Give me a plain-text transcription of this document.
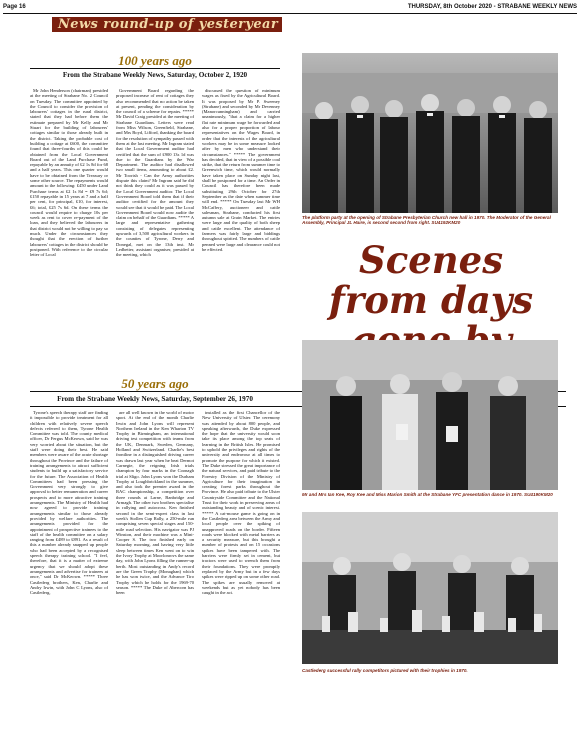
Page 16	THURSDAY, 8th October 2020 - STRABANE WEEKLY NEWS
News round-up of yesteryear
100 years ago
From the Strabane Weekly News, Saturday, October 2, 1920

Mr John Henderson (chairman) presided at the meeting of Strabane No. 2 Council on Tuesday. The committee appointed by the Council to consider the provision of labourers' cottages in the rural district, stated that they had before them the estimate prepared by Mr Kelly and Mr Stuart for the building of labourers' cottages similar to those already built in the district. Taking the probable cost of building a cottage at £600, the committee found that three-fourths of this could be obtained from the Local Government Board out of the Land Purchase Fund, repayable by an annuity of £2 1s 8d for 68 and a half years. This one quarter would have to be obtained from the Treasury or some other source. The repayments would amount to the following: £450 under Land Purchase terms at £2 1s 8d = £9 7s 6d; £150 repayable in 15 years at 7 and a half per cent, for principal, £10, for interest, £6; total, £25 7s 6d. On these terms the council would require to charge 10s per week as rent to cover re-payment of the loan, and they believed the labourers in that district would not be willing to pay so much. Under the circumstances they thought that the erection of further labourers' cottages in the district should be postponed. With reference to the circular letter of Local

Government Board regarding the proposed increase of rent of cottages they also recommended that no action be taken at present, pending the consideration by the council of a scheme for repairs. ***** Mr David Craig presided at the meeting of Strabane Guardians. Letters were read from Miss Wilson, Greenfield, Strabane, and Mrs Boyd, Lifford, thanking the board for the resolution of sympathy passed with them at the last meeting. Mr Ingram stated that the Local Government auditor had certified that the sum of £900 13s 1d was due to the Guardians by the War Department. The auditor had disallowed two small items, amounting to about £2. Mr Toorish - Can the Army authorities dispute this claim? Mr Ingram said he did not think they could as it was passed by the Local Government auditor. The Local Government Board told them that if their auditor certified for the amount they would see that it would be paid. The Local Government Board would now audite the claim on behalf of the Guardians. ***** A large and representative gathering consisting of delegates representing upwards of 3,500 agricultural workers in the counties of Tyrone, Derry and Donegal, met on the 13th inst. Mr Ledbetter, assistant organiser, presided at the meeting, which

discussed the question of minimum wages as fixed by the Agricultural Board. It was proposed by Mr P. Sweeney (Strabane) and seconded by Mr Devenney (Manorcunningham) and carried unanimously, "that a claim for a higher flat rate minimum wage be forwarded and also for a proper proportion of labour representatives on the Wages Board, in order that the interests of the agricultural workers may be in some measure looked after by men who understand their circumstances." ***** The government has decided, that in view of a possible coal strike, that the return from summer time to Greenwich time, which would normally have taken place on Sunday night last, shall be postponed for a time. An Order in Council has therefore been made substituting 29th October for 27th September as the date when summer time will end. ***** On Tuesday last Mr WH McCaffery, auctioneer and cattle salesman, Strabane, conducted his first autumn sale at Grain Market. The entries were large and the quality of both sheep and cattle excellent. The attendance of farmers was fairly large and biddings throughout spirited. The numbers of cattle penned were large and clearance could not be effected.

The platform party at the opening of Strabane Presbyterian Church new hall in 1970. The Moderator of the General Assembly, Principal JL Haire, is second second from right. SU4192KM20
Scenes from days
50 years ago
From the Strabane Weekly News, Saturday, September 26, 1970

Tyrone's speech therapy staff are finding it impossible to provide treatment for all children with relatively severe speech defects referred to them, Tyrone Health Committee was told. The county medical officer, Dr Fergus McKeown, said he was very worried about the situation, but the staff were doing their best. He said members were aware of the acute shortage throughout the Province and the failure of training arrangements to attract sufficient students to build up a satisfactory service for the future. The Association of Health Committees had been pressing the Government very strongly to give approval to better remuneration and career prospects and to more attractive training arrangements. The Ministry of Health had now agreed to provide training arrangements similar to those already provided by welfare authorities. The arrangements provided for the appointment of prospective trainees to the staff of the health committee on a salary ranging from £489 to £891. As a result of this a number already snapped up people who had been accepted by a recognised speech therapy training school. "I feel, therefore, that it is a matter of extreme urgency that we should adopt these arrangements and advertise for trainees at once," said Dr McKeown. ***** Three Castlederg brothers, Ken, Charlie and Andry Irwin, with John C Lyons, also of Castlederg,

are all well known in the world of motor sport. At the end of the month Charlie Irwin and John Lyons will represent Northern Ireland in the Ken Wharton TV Trophy in Birmingham, an international driving test competition with teams from the UK, Denmark, Sweden, Germany, Holland and Switzerland. Charlie's best frontline in a distinguished driving career was drawn last year when he beat Dermot Carnegie, the reigning Irish trials champion by four marks in the Coonagh trial at Sligo. John Lyons won the Durham Trophy at Loughbrickland in the summer, and also took the premier award in the RAC championship, a competition over three rounds at Larne, Banbridge and Armagh. The other two brothers specialise in rallying and autocross. Ken finished second in the semi-expert class in last week's Stollen Cup Rally, a 250-mile run comprising seven special stages and 150-mile road selection. His navigator was PJ Winston, and their machine was a Mini-Cooper S. The two finished early on Saturday morning, and having very little sleep between times Ken went on to win the Ivory Trophy at Moorlonrovs the same day, with John Lyons filling the runner-up berth. Most outstanding in Andy's record are the Green Trophy (Monaghan) which he has won twice, and the Advance Tiro Trophy which he holds for the 1969-70 season. ***** The Duke of Abercorn has been

installed as the first Chancellor of the New University of Ulster. The ceremony was attended by about 800 people, and speaking afterwards, the Duke expressed the hope that the university would soon take its place among the top seats of learning in the British Isles. He promised to uphold the privileges and rights of the university and endeavour at all times to promote the purpose for which it existed. The Duke stressed the great importance of the natural services, and paid tribute to the Forestry Division of the Ministry of Agriculture for their imagination in creating forest parks throughout the Province. He also paid tribute to the Ulster Countryside Committee and the National Trust for their work in preserving areas of outstanding beauty and of scenic interest. ***** A cat-mouse game is going on in the Castlederg area between the Army and local people over the spiking of unapproved roads on the border. Fifteen roads were blocked with metal barriers as a security measure, but this brought a number of protests and on 15 occasions spikes have been tampered with. The barriers were firmly set in cement, but tractors were used to wrench them from their foundations. They were promptly replaced by the Army but in a few days spikes were ripped up on some other road. The spikes are usually removed at weekends but as yet nobody has been caught in the act.

Mr and Mrs Ian Kee, Roy Kee and Miss Marion Smith at the Strabane YFC presentation dance in 1970. SU4190KM20
Castlederg successful rally competitors pictured with their trophies in 1970.
